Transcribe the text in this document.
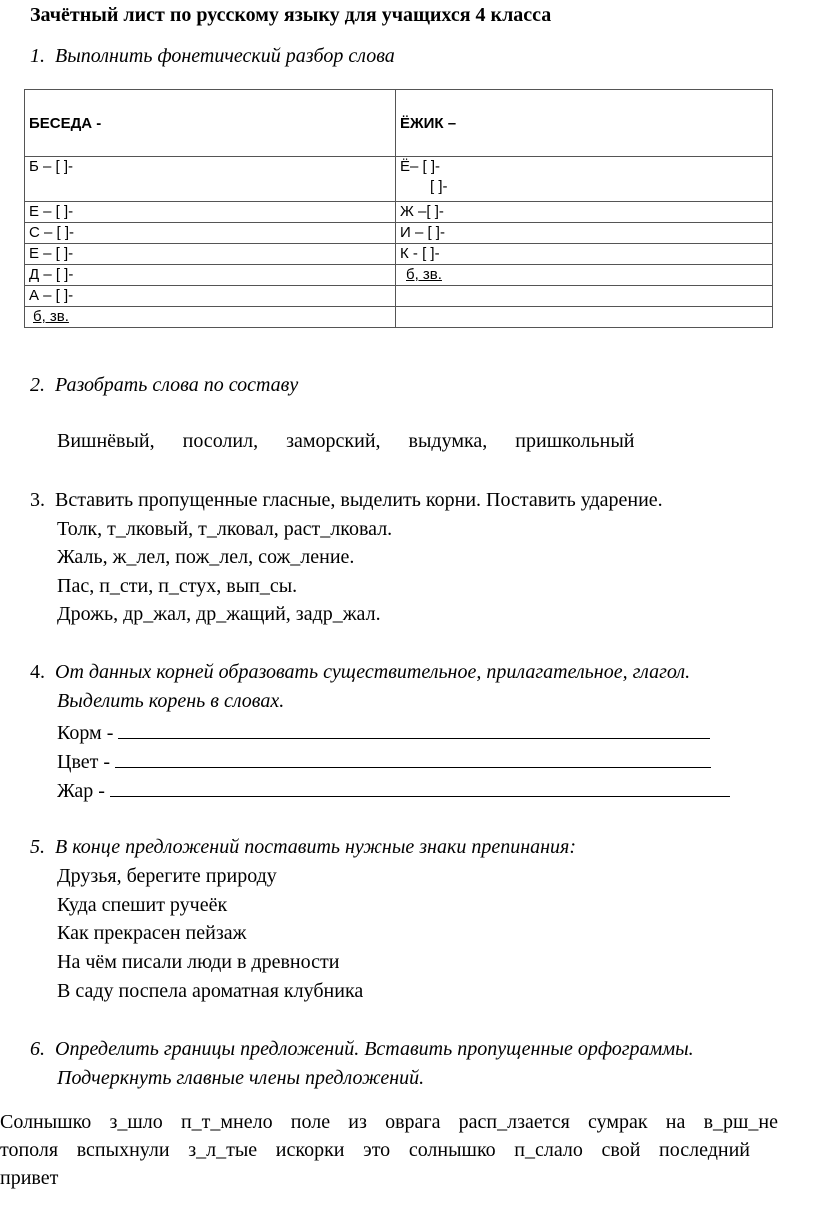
Зачётный лист по русскому языку для учащихся 4 класса
1. Выполнить фонетический разбор слова
БЕСЕДА -	ЁЖИК –
Б – [ ]-	Ё– [ ]-
[ ]-

Е – [ ]-	Ж –[ ]-
С – [ ]-	И – [ ]-
Е – [ ]-	К - [ ]-
Д – [ ]-	б, зв.
А – [ ]-	
б, зв.	
2. Разобрать слова по составу
Вишнёвый, посолил, заморский, выдумка, пришкольный
3. Вставить пропущенные гласные, выделить корни. Поставить ударение.
Толк, т_лковый, т_лковал, раст_лковал.
Жаль, ж_лел, пож_лел, сож_ление.
Пас, п_сти, п_стух, вып_сы.
Дрожь, др_жал, др_жащий, задр_жал.
4. От данных корней образовать существительное, прилагательное, глагол.
Выделить корень в словах.
Корм -
Цвет -
Жар -
5. В конце предложений поставить нужные знаки препинания:
Друзья, берегите природу
Куда спешит ручеёк
Как прекрасен пейзаж
На чём писали люди в древности
В саду поспела ароматная клубника
6. Определить границы предложений. Вставить пропущенные орфограммы.
Подчеркнуть главные члены предложений.
Солнышко з_шло п_т_мнело поле из оврага расп_лзается сумрак на в_рш_не
тополя вспыхнули з_л_тые искорки это солнышко п_слало свой последний
привет
